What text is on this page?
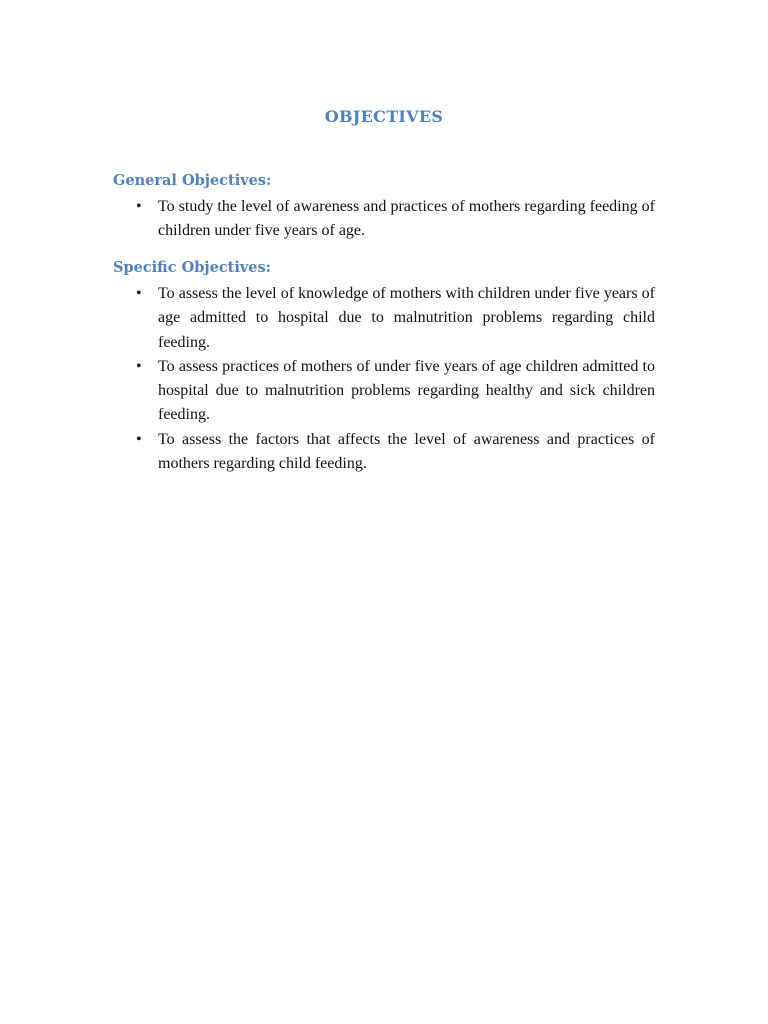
OBJECTIVES
General Objectives:
• To study the level of awareness and practices of mothers regarding feeding of children under five years of age.
Specific Objectives:
• To assess the level of knowledge of mothers with children under five years of age admitted to hospital due to malnutrition problems regarding child feeding.
• To assess practices of mothers of under five years of age children admitted to hospital due to malnutrition problems regarding healthy and sick children feeding.
• To assess the factors that affects the level of awareness and practices of mothers regarding child feeding.
